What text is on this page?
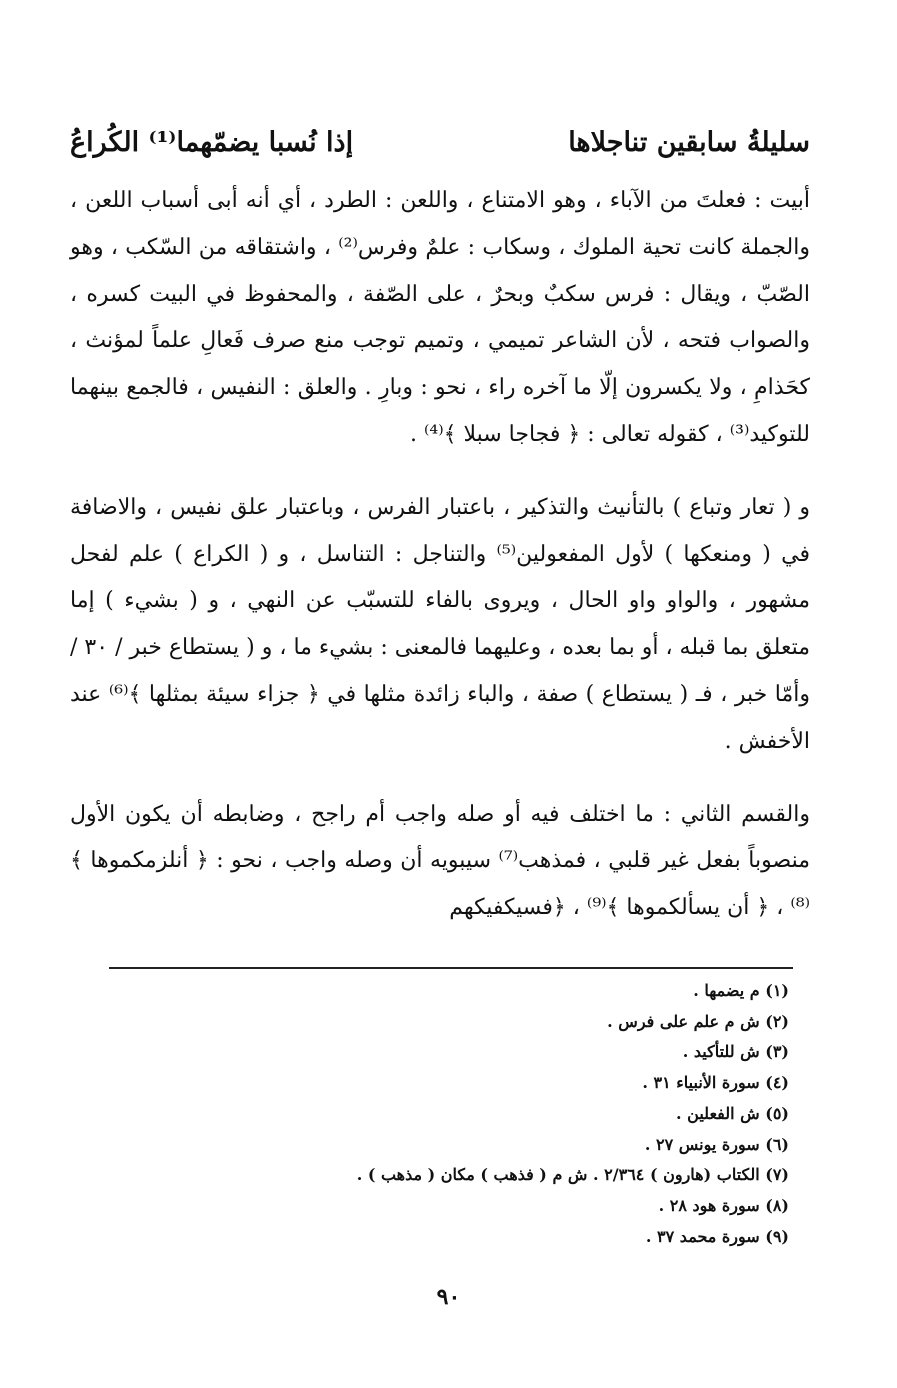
سليلةُ سابقين تناجلاها
إذا نُسبا يضمّهما⁽¹⁾ الكُراعُ

أبيت : فعلتَ من الآباء ، وهو الامتناع ، واللعن : الطرد ، أي أنه أبى أسباب اللعن ، والجملة كانت تحية الملوك ، وسكاب : علمٌ وفرس⁽²⁾ ، واشتقاقه من السّكب ، وهو الصّبّ ، ويقال : فرس سكبٌ وبحرٌ ، على الصّفة ، والمحفوظ في البيت كسره ، والصواب فتحه ، لأن الشاعر تميمي ، وتميم توجب منع صرف فَعالِ علماً لمؤنث ، كحَذامِ ، ولا يكسرون إلّا ما آخره راء ، نحو : وبارِ . والعلق : النفيس ، فالجمع بينهما للتوكيد⁽³⁾ ، كقوله تعالى : ﴿ فجاجا سبلا ﴾⁽⁴⁾ .

و ( تعار وتباع ) بالتأنيث والتذكير ، باعتبار الفرس ، وباعتبار علق نفيس ، والاضافة في ( ومنعكها ) لأول المفعولين⁽⁵⁾ والتناجل : التناسل ، و ( الكراع ) علم لفحل مشهور ، والواو واو الحال ، ويروى بالفاء للتسبّب عن النهي ، و ( بشيء ) إما متعلق بما قبله ، أو بما بعده ، وعليهما فالمعنى : بشيء ما ، و ( يستطاع خبر / ٣٠ /وأمّا خبر ، فـ ( يستطاع ) صفة ، والباء زائدة مثلها في ﴿ جزاء سيئة بمثلها ﴾⁽⁶⁾ عند الأخفش .

والقسم الثاني : ما اختلف فيه أو صله واجب أم راجح ، وضابطه أن يكون الأول منصوباً بفعل غير قلبي ، فمذهب⁽⁷⁾ سيبويه أن وصله واجب ، نحو : ﴿ أنلزمكموها ﴾⁽⁸⁾ ، ﴿ أن يسألكموها ﴾⁽⁹⁾ ، ﴿فسيكفيكهم

(١) م يضمها .

(٢) ش م علم على فرس .

(٣) ش للتأكيد .

(٤) سورة الأنبياء ٣١ .

(٥) ش الفعلين .

(٦) سورة يونس ٢٧ .

(٧) الكتاب (هارون ) ٢/٣٦٤ . ش م ( فذهب ) مكان ( مذهب ) .

(٨) سورة هود ٢٨ .

(٩) سورة محمد ٣٧ .

٩٠
